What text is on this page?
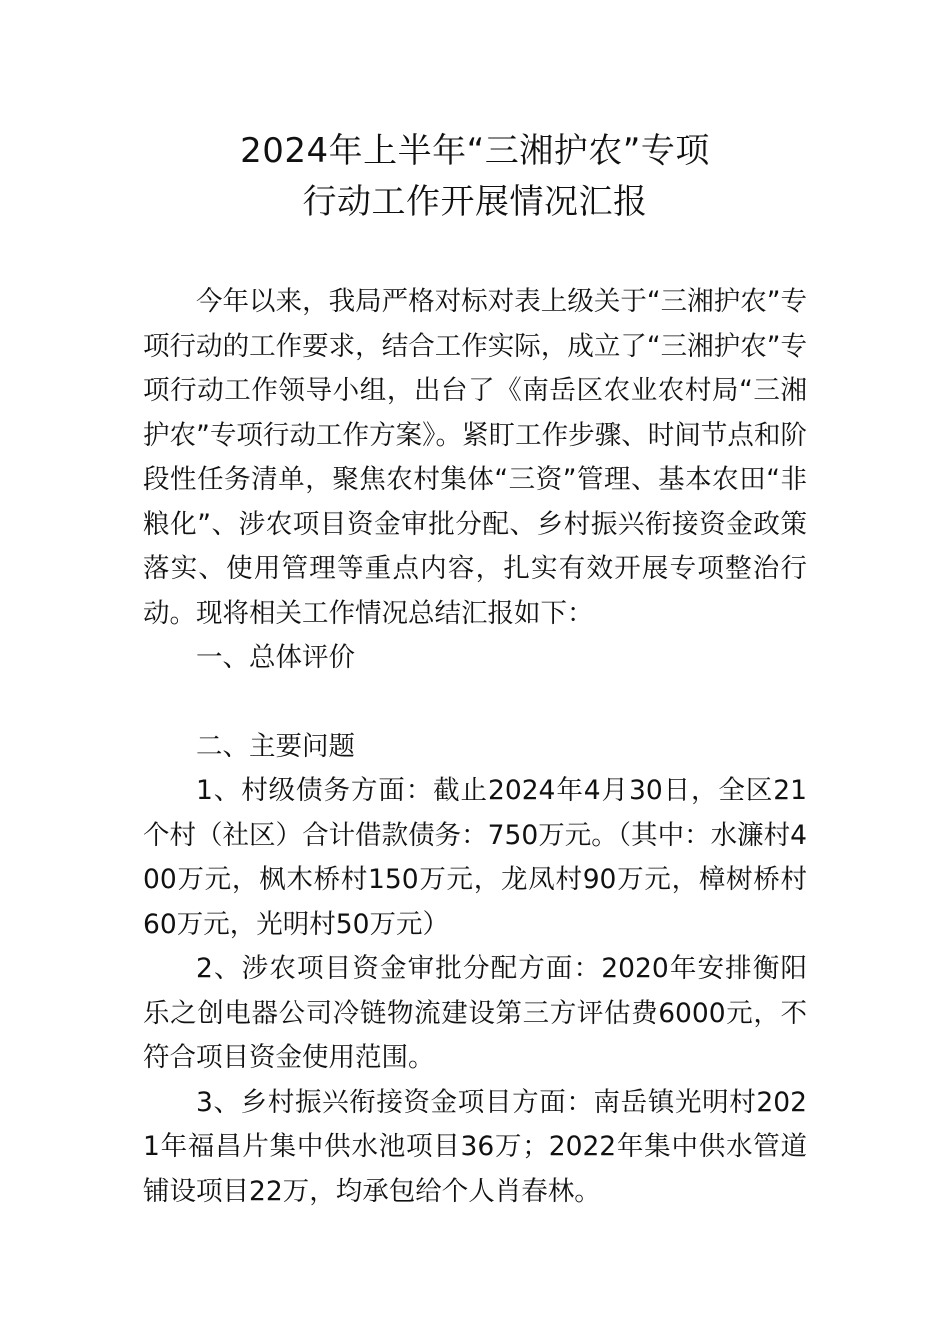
2024年上半年“三湘护农”专项
行动工作开展情况汇报

今年以来，我局严格对标对表上级关于“三湘护农”专项行动的工作要求，结合工作实际，成立了“三湘护农”专项行动工作领导小组，出台了《南岳区农业农村局“三湘护农”专项行动工作方案》。紧盯工作步骤、时间节点和阶段性任务清单，聚焦农村集体“三资”管理、基本农田“非粮化”、涉农项目资金审批分配、乡村振兴衔接资金政策落实、使用管理等重点内容，扎实有效开展专项整治行动。现将相关工作情况总结汇报如下：

一、总体评价

二、主要问题

1、村级债务方面：截止2024年4月30日，全区21个村（社区）合计借款债务：750万元。（其中：水濂村400万元，枫木桥村150万元，龙凤村90万元，樟树桥村60万元，光明村50万元）

2、涉农项目资金审批分配方面：2020年安排衡阳乐之创电器公司冷链物流建设第三方评估费6000元，不符合项目资金使用范围。

3、乡村振兴衔接资金项目方面：南岳镇光明村2021年福昌片集中供水池项目36万；2022年集中供水管道铺设项目22万，均承包给个人肖春林。
